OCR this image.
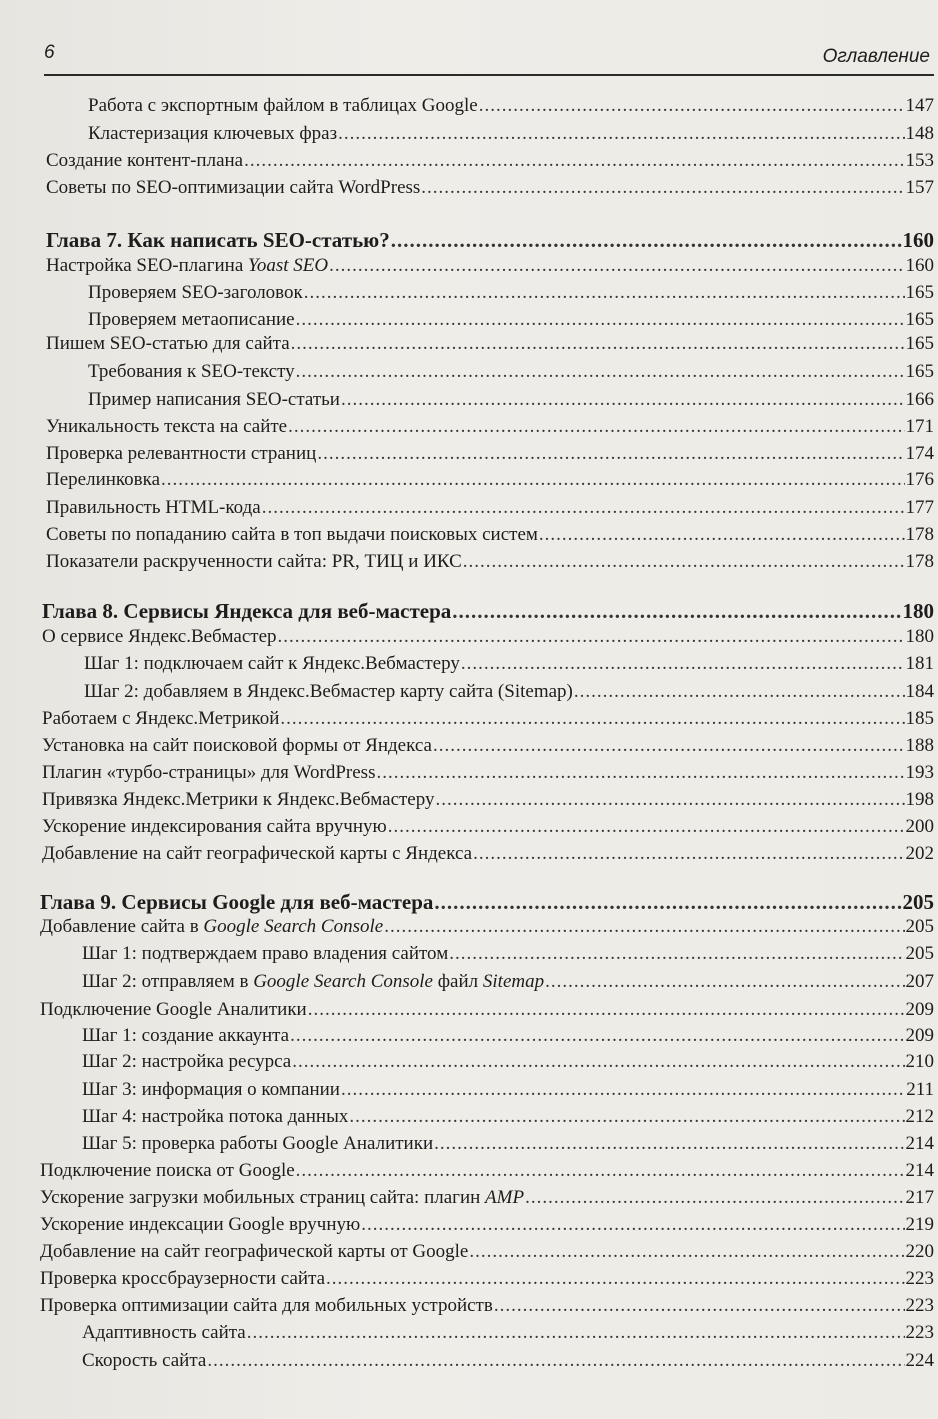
6	Оглавление
Работа с экспортным файлом в таблицах Google .....	147
Кластеризация ключевых фраз .....	148
Создание контент-плана .....	153
Советы по SEO-оптимизации сайта WordPress .....	157
Глава 7. Как написать SEO-статью? .....	160
Настройка SEO-плагина Yoast SEO .....	160
Проверяем SEO-заголовок .....	165
Проверяем метаописание .....	165
Пишем SEO-статью для сайта .....	165
Требования к SEO-тексту .....	165
Пример написания SEO-статьи .....	166
Уникальность текста на сайте .....	171
Проверка релевантности страниц .....	174
Перелинковка .....	176
Правильность HTML-кода .....	177
Советы по попаданию сайта в топ выдачи поисковых систем .....	178
Показатели раскрученности сайта: PR, ТИЦ и ИКС .....	178
Глава 8. Сервисы Яндекса для веб-мастера .....	180
О сервисе Яндекс.Вебмастер .....	180
Шаг 1: подключаем сайт к Яндекс.Вебмастеру .....	181
Шаг 2: добавляем в Яндекс.Вебмастер карту сайта (Sitemap) .....	184
Работаем с Яндекс.Метрикой .....	185
Установка на сайт поисковой формы от Яндекса .....	188
Плагин «турбо-страницы» для WordPress .....	193
Привязка Яндекс.Метрики к Яндекс.Вебмастеру .....	198
Ускорение индексирования сайта вручную .....	200
Добавление на сайт географической карты с Яндекса .....	202
Глава 9. Сервисы Google для веб-мастера .....	205
Добавление сайта в Google Search Console .....	205
Шаг 1: подтверждаем право владения сайтом .....	205
Шаг 2: отправляем в Google Search Console файл Sitemap .....	207
Подключение Google Аналитики .....	209
Шаг 1: создание аккаунта .....	209
Шаг 2: настройка ресурса .....	210
Шаг 3: информация о компании .....	211
Шаг 4: настройка потока данных .....	212
Шаг 5: проверка работы Google Аналитики .....	214
Подключение поиска от Google .....	214
Ускорение загрузки мобильных страниц сайта: плагин AMP .....	217
Ускорение индексации Google вручную .....	219
Добавление на сайт географической карты от Google .....	220
Проверка кроссбраузерности сайта .....	223
Проверка оптимизации сайта для мобильных устройств .....	223
Адаптивность сайта .....	223
Скорость сайта .....	224
